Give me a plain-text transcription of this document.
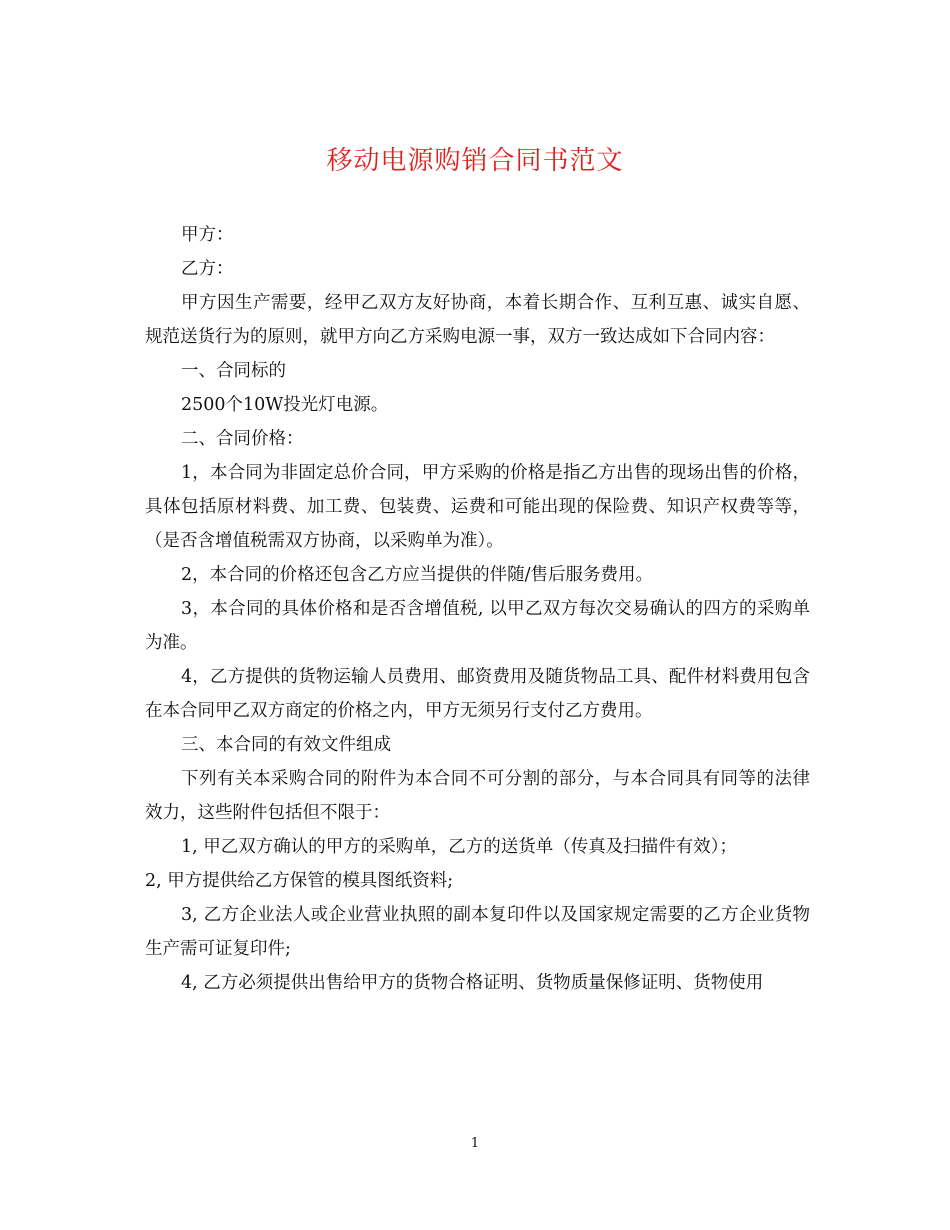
移动电源购销合同书范文

甲方：

乙方：

甲方因生产需要，经甲乙双方友好协商，本着长期合作、互利互惠、诚实自愿、规范送货行为的原则，就甲方向乙方采购电源一事，双方一致达成如下合同内容：

一、合同标的

2500个10W投光灯电源。

二、合同价格：

1，本合同为非固定总价合同，甲方采购的价格是指乙方出售的现场出售的价格，具体包括原材料费、加工费、包装费、运费和可能出现的保险费、知识产权费等等，（是否含增值税需双方协商，以采购单为准）。

2，本合同的价格还包含乙方应当提供的伴随/售后服务费用。

3，本合同的具体价格和是否含增值税, 以甲乙双方每次交易确认的四方的采购单为准。

4，乙方提供的货物运输人员费用、邮资费用及随货物品工具、配件材料费用包含在本合同甲乙双方商定的价格之内，甲方无须另行支付乙方费用。

三、本合同的有效文件组成

下列有关本采购合同的附件为本合同不可分割的部分，与本合同具有同等的法律效力，这些附件包括但不限于：

1, 甲乙双方确认的甲方的采购单，乙方的送货单（传真及扫描件有效）；

2, 甲方提供给乙方保管的模具图纸资料;

3, 乙方企业法人或企业营业执照的副本复印件以及国家规定需要的乙方企业货物生产需可证复印件;

4, 乙方必须提供出售给甲方的货物合格证明、货物质量保修证明、货物使用

1
